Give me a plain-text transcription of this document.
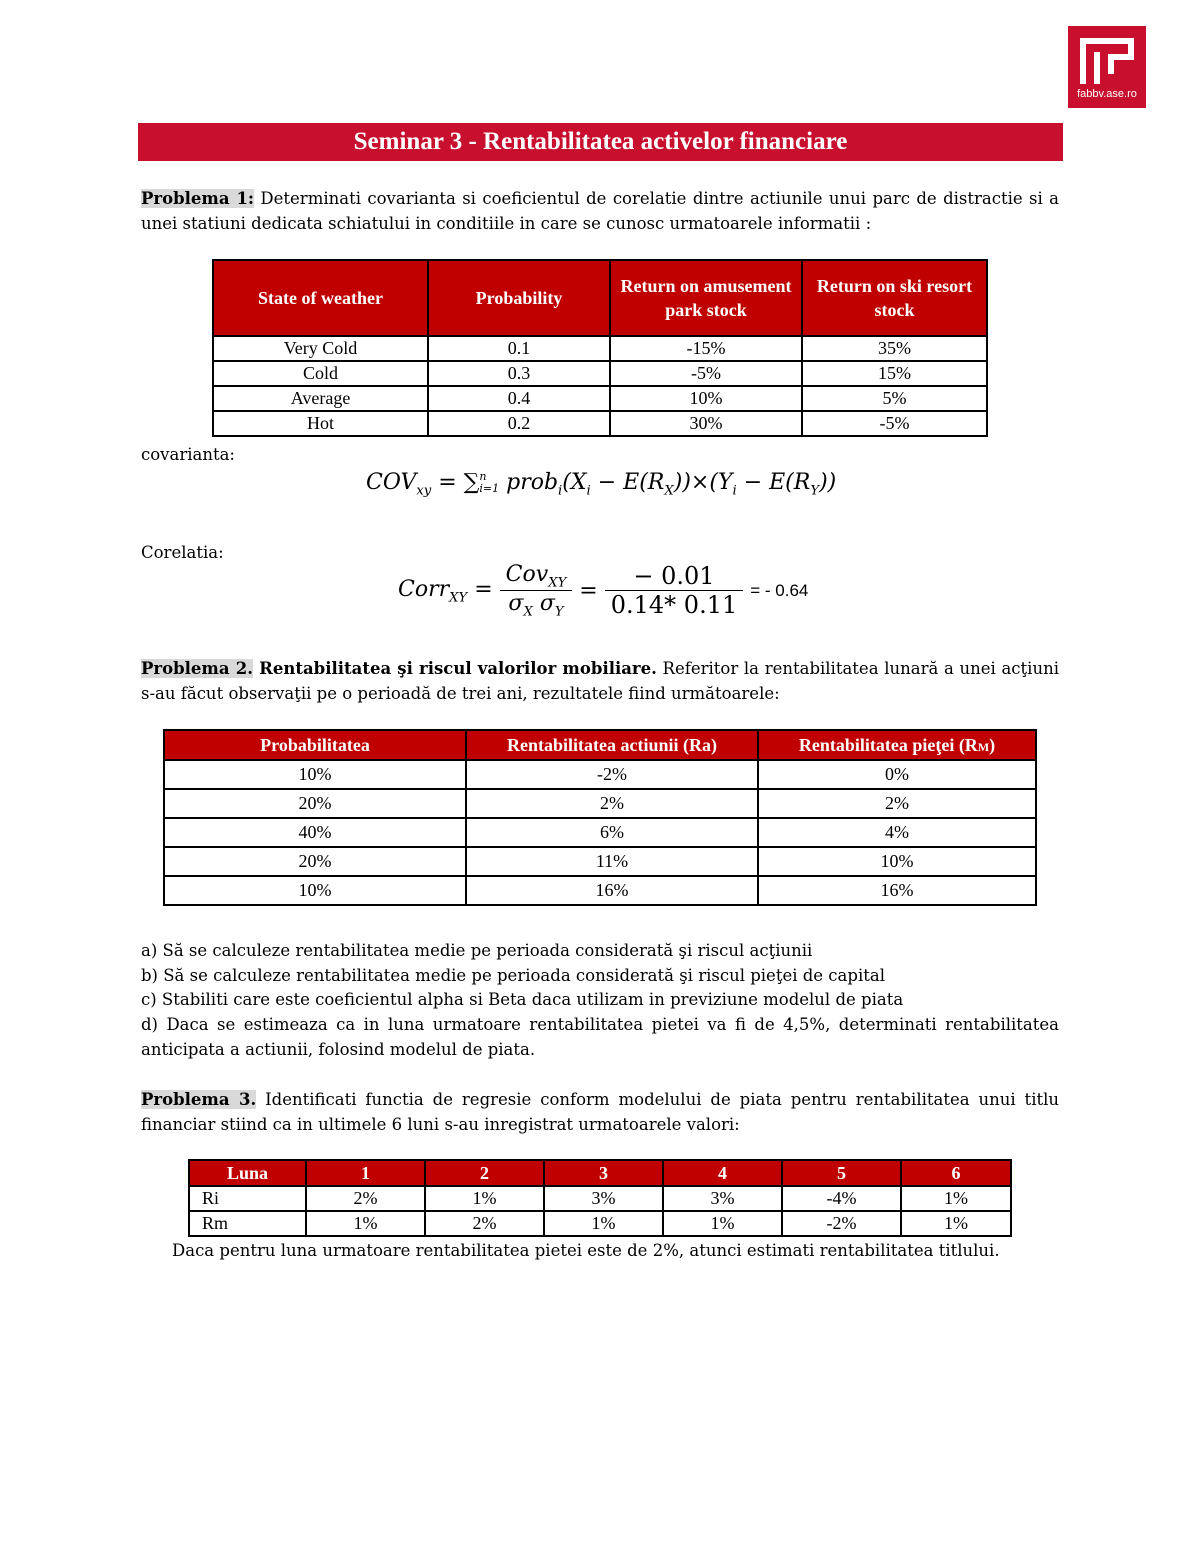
fabbv.ase.ro
Seminar 3 - Rentabilitatea activelor financiare
Problema 1: Determinati covarianta si coeficientul de corelatie dintre actiunile unui parc de distractie si a unei statiuni dedicata schiatului in conditiile in care se cunosc urmatoarele informatii :
State of weather	Probability	Return on amusement park stock	Return on ski resort stock
Very Cold	0.1	-15%	35%
Cold	0.3	-5%	15%
Average	0.4	10%	5%
Hot	0.2	30%	-5%
covarianta:
$COV_{xy}$ = ∑ n
i=1 $prob_i(X_i - E(R_X))\times(Y_i - E(R_Y))$
Corelatia:
Corr$_{XY}$ = $\frac{Cov_{XY}}{\sigma_X \sigma_Y} = \frac{- 0.01}{0.14* 0.11}$ = - 0.64
Problema 2. Rentabilitatea şi riscul valorilor mobiliare. Referitor la rentabilitatea lunară a unei acţiuni s-au făcut observaţii pe o perioadă de trei ani, rezultatele fiind următoarele:
Probabilitatea	Rentabilitatea actiunii (Ra)	Rentabilitatea pieţei (RM)
10%	-2%	0%
20%	2%	2%
40%	6%	4%
20%	11%	10%
10%	16%	16%
a) Să se calculeze rentabilitatea medie pe perioada considerată şi riscul acţiunii
b) Să se calculeze rentabilitatea medie pe perioada considerată şi riscul pieţei de capital
c) Stabiliti care este coeficientul alpha si Beta daca utilizam in previziune modelul de piata
d) Daca se estimeaza ca in luna urmatoare rentabilitatea pietei va fi de 4,5%, determinati rentabilitatea anticipata a actiunii, folosind modelul de piata.
Problema 3. Identificati functia de regresie conform modelului de piata pentru rentabilitatea unui titlu financiar stiind ca in ultimele 6 luni s-au inregistrat urmatoarele valori:
Luna	1	2	3	4	5	6
Ri	2%	1%	3%	3%	-4%	1%
Rm	1%	2%	1%	1%	-2%	1%
Daca pentru luna urmatoare rentabilitatea pietei este de 2%, atunci estimati rentabilitatea titlului.
